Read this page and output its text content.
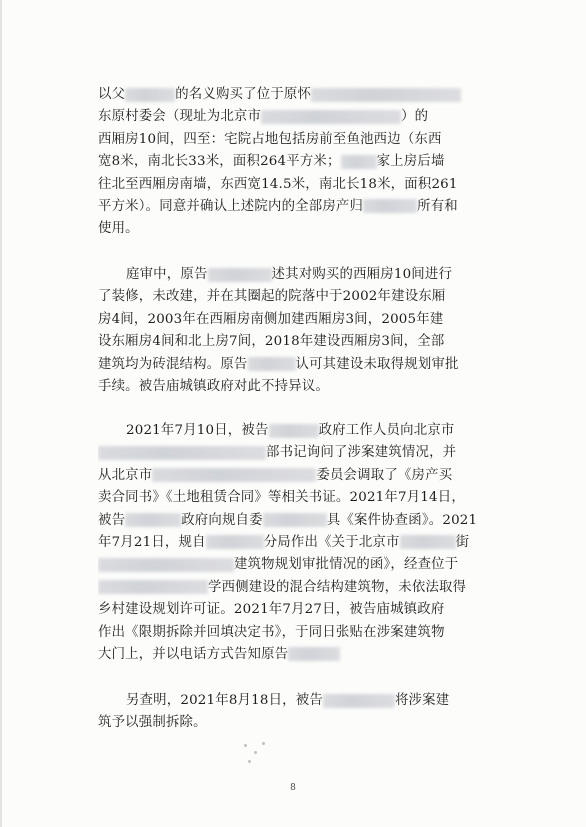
以父	的名义购买了位于原怀
东原村委会（现址为北京市	）的
西厢房10间，四至：宅院占地包括房前至鱼池西边（东西
宽8米，南北长33米，面积264平方米；	家上房后墙
往北至西厢房南墙，东西宽14.5米，南北长18米，面积261
平方米）。同意并确认上述院内的全部房产归	所有和
使用。
庭审中，原告	述其对购买的西厢房10间进行
了装修，未改建，并在其圈起的院落中于2002年建设东厢
房4间，2003年在西厢房南侧加建西厢房3间，2005年建
设东厢房4间和北上房7间，2018年建设西厢房3间，全部
建筑均为砖混结构。原告	认可其建设未取得规划审批
手续。被告庙城镇政府对此不持异议。
2021年7月10日，被告	政府工作人员向北京市
部书记询问了涉案建筑情况，并
从北京市	委员会调取了《房产买
卖合同书》《土地租赁合同》等相关书证。2021年7月14日，
被告	政府向规自委	具《案件协查函》。2021
年7月21日，规自	分局作出《关于北京市	街
建筑物规划审批情况的函》，经查位于
学西侧建设的混合结构建筑物，未依法取得
乡村建设规划许可证。2021年7月27日，被告庙城镇政府
作出《限期拆除并回填决定书》，于同日张贴在涉案建筑物
大门上，并以电话方式告知原告
另查明，2021年8月18日，被告	将涉案建
筑予以强制拆除。
8
